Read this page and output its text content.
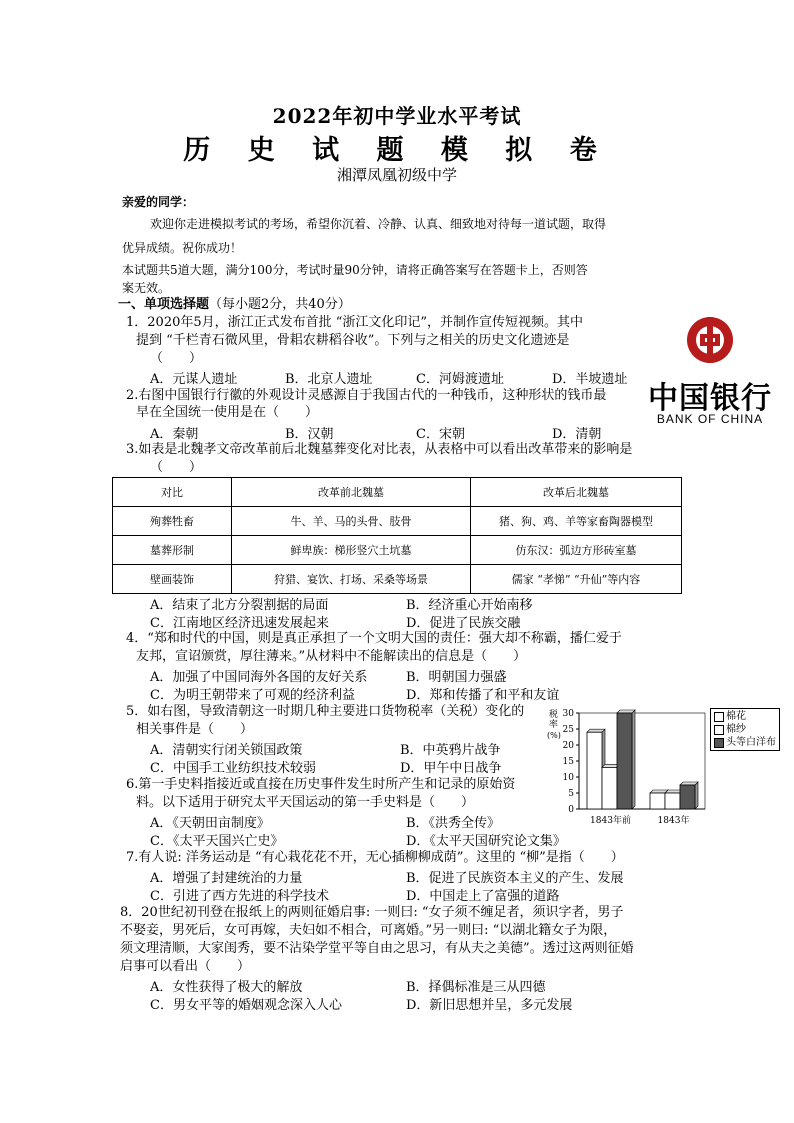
2022年初中学业水平考试
历 史 试 题 模 拟 卷
湘潭凤凰初级中学
亲爱的同学：
欢迎你走进模拟考试的考场，希望你沉着、冷静、认真、细致地对待每一道试题，取得
优异成绩。祝你成功！
本试题共5道大题，满分100分，考试时量90分钟，请将正确答案写在答题卡上，否则答
案无效。
一、单项选择题（每小题2分，共40分）
1．2020年5月，浙江正式发布首批 “浙江文化印记”，并制作宣传短视频。其中
提到 “千栏青石微风里，骨耜农耕稻谷收”。下列与之相关的历史文化遗迹是
（　　）
A．元谋人遗址	B．北京人遗址	C．河姆渡遗址	D．半坡遗址
中国银行
BANK OF CHINA
2.右图中国银行行徽的外观设计灵感源自于我国古代的一种钱币，这种形状的钱币最
早在全国统一使用是在（　　）
A．秦朝	B．汉朝	C．宋朝	D．清朝
3.如表是北魏孝文帝改革前后北魏墓葬变化对比表，从表格中可以看出改革带来的影响是
（　　）
对比	改革前北魏墓	改革后北魏墓
殉葬牲畜	牛、羊、马的头骨、肢骨	猪、狗、鸡、羊等家畜陶器模型
墓葬形制	鲜卑族：梯形竖穴土坑墓	仿东汉：弧边方形砖室墓
壁画装饰	狩猎、宴饮、打场、采桑等场景	儒家 “孝悌” “升仙”等内容
A．结束了北方分裂割据的局面	B．经济重心开始南移
C．江南地区经济迅速发展起来	D．促进了民族交融
4．“郑和时代的中国，则是真正承担了一个文明大国的责任：强大却不称霸，播仁爱于
友邦，宣诏颁赏，厚往薄来。”从材料中不能解读出的信息是（　　）
A．加强了中国同海外各国的友好关系	B．明朝国力强盛
C．为明王朝带来了可观的经济利益	D．郑和传播了和平和友谊
5．如右图，导致清朝这一时期几种主要进口货物税率（关税）变化的
相关事件是（　　）
A．清朝实行闭关锁国政策	B．中英鸦片战争
C．中国手工业纺织技术较弱	D．甲午中日战争
税
率
(%)
0
5
10
15
20
25
30
1843年前	1843年
棉花
棉纱
头等白洋布
6.第一手史料指接近或直接在历史事件发生时所产生和记录的原始资
料。以下适用于研究太平天国运动的第一手史料是（　　）
A．《天朝田亩制度》	B．《洪秀全传》
C．《太平天国兴亡史》	D．《太平天国研究论文集》
7.有人说: 洋务运动是 “有心栽花花不开，无心插柳柳成荫”。这里的 “柳”是指（　　）
A．增强了封建统治的力量	B．促进了民族资本主义的产生、发展
C．引进了西方先进的科学技术	D．中国走上了富强的道路
8．20世纪初刊登在报纸上的两则征婚启事: 一则曰: “女子须不缠足者，须识字者，男子
不娶妾，男死后，女可再嫁，夫妇如不相合，可离婚。”另一则曰: “以湖北籍女子为限，
须文理清顺，大家闺秀，要不沾染学堂平等自由之思习，有从夫之美德”。透过这两则征婚
启事可以看出（　　）
A．女性获得了极大的解放	B．择偶标准是三从四德
C．男女平等的婚姻观念深入人心	D．新旧思想并呈，多元发展
